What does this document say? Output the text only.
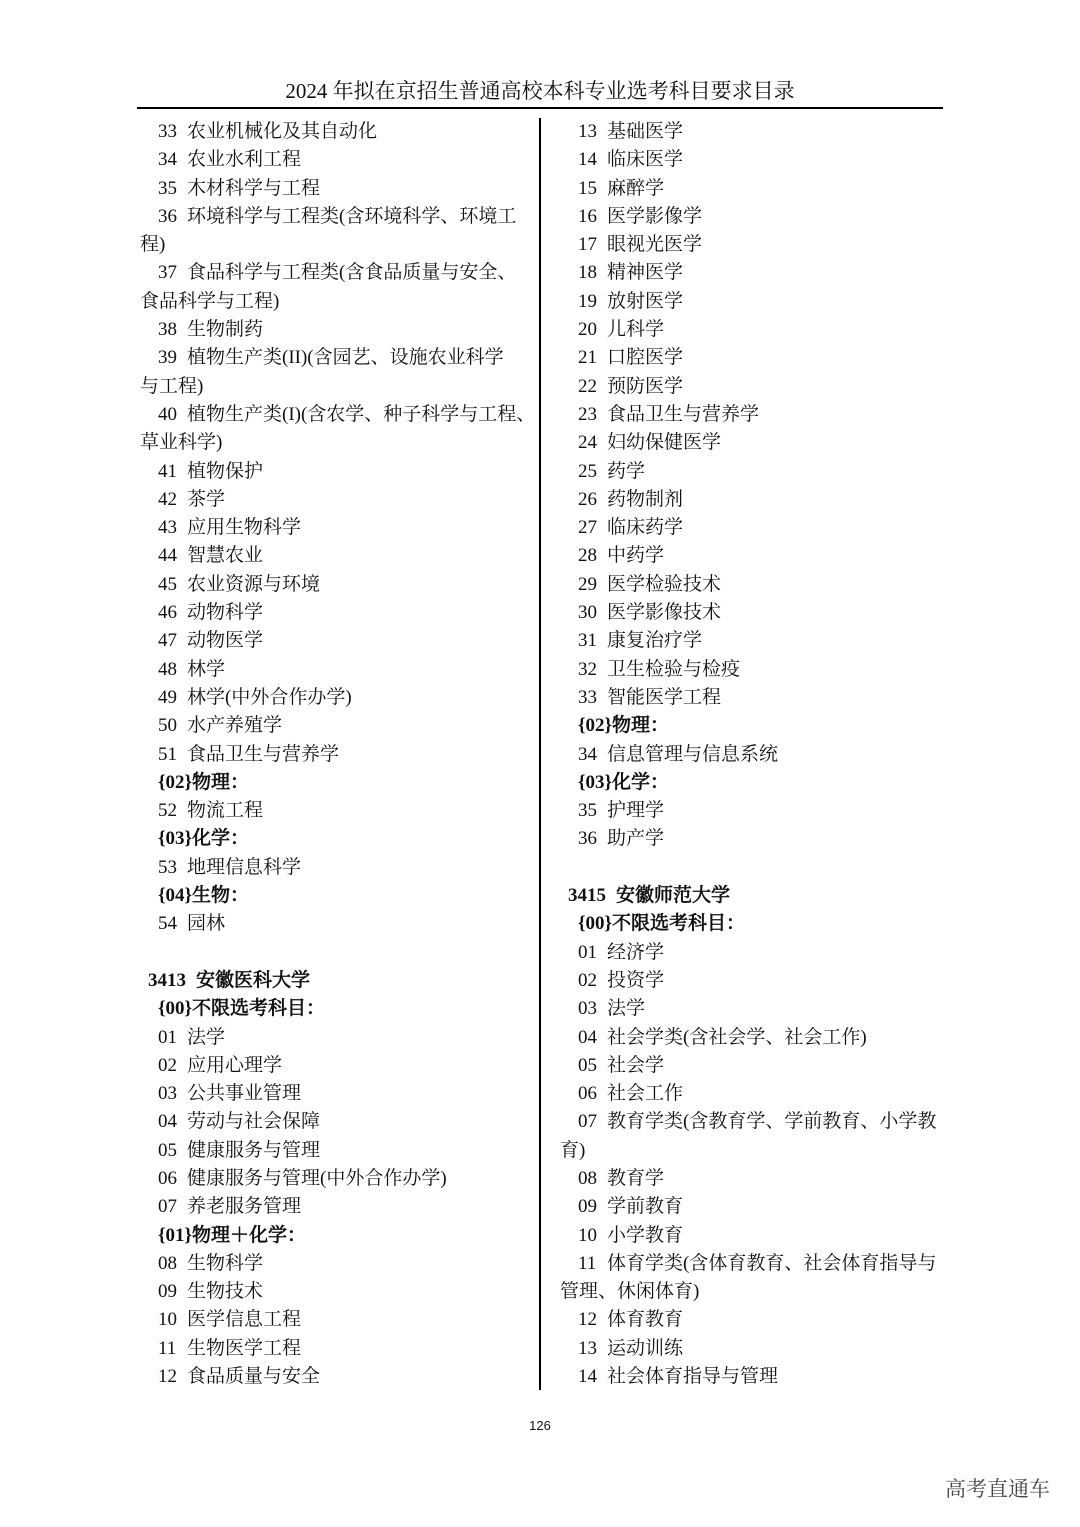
2024 年拟在京招生普通高校本科专业选考科目要求目录
33 农业机械化及其自动化
34 农业水利工程
35 木材科学与工程
36 环境科学与工程类(含环境科学、环境工
程)
37 食品科学与工程类(含食品质量与安全、
食品科学与工程)
38 生物制药
39 植物生产类(II)(含园艺、设施农业科学
与工程)
40 植物生产类(I)(含农学、种子科学与工程、
草业科学)
41 植物保护
42 茶学
43 应用生物科学
44 智慧农业
45 农业资源与环境
46 动物科学
47 动物医学
48 林学
49 林学(中外合作办学)
50 水产养殖学
51 食品卫生与营养学
{02}物理：
52 物流工程
{03}化学：
53 地理信息科学
{04}生物：
54 园林
3413 安徽医科大学
{00}不限选考科目：
01 法学
02 应用心理学
03 公共事业管理
04 劳动与社会保障
05 健康服务与管理
06 健康服务与管理(中外合作办学)
07 养老服务管理
{01}物理＋化学：
08 生物科学
09 生物技术
10 医学信息工程
11 生物医学工程
12 食品质量与安全
13 基础医学
14 临床医学
15 麻醉学
16 医学影像学
17 眼视光医学
18 精神医学
19 放射医学
20 儿科学
21 口腔医学
22 预防医学
23 食品卫生与营养学
24 妇幼保健医学
25 药学
26 药物制剂
27 临床药学
28 中药学
29 医学检验技术
30 医学影像技术
31 康复治疗学
32 卫生检验与检疫
33 智能医学工程
{02}物理：
34 信息管理与信息系统
{03}化学：
35 护理学
36 助产学
3415 安徽师范大学
{00}不限选考科目：
01 经济学
02 投资学
03 法学
04 社会学类(含社会学、社会工作)
05 社会学
06 社会工作
07 教育学类(含教育学、学前教育、小学教
育)
08 教育学
09 学前教育
10 小学教育
11 体育学类(含体育教育、社会体育指导与
管理、休闲体育)
12 体育教育
13 运动训练
14 社会体育指导与管理
126
高考直通车
